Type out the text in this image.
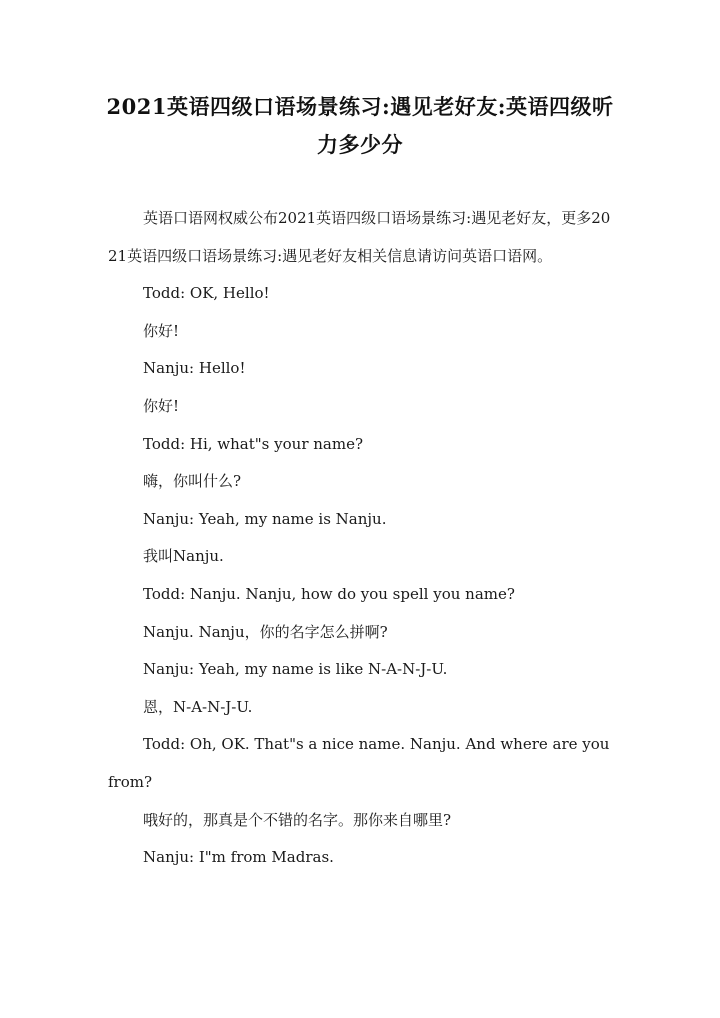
2021英语四级口语场景练习:遇见老好友:英语四级听力多少分

英语口语网权威公布2021英语四级口语场景练习:遇见老好友，更多2021英语四级口语场景练习:遇见老好友相关信息请访问英语口语网。

Todd: OK, Hello!

你好!

Nanju: Hello!

你好!

Todd: Hi, what"s your name?

嗨，你叫什么?

Nanju: Yeah, my name is Nanju.

我叫Nanju.

Todd: Nanju. Nanju, how do you spell you name?

Nanju. Nanju，你的名字怎么拼啊?

Nanju: Yeah, my name is like N-A-N-J-U.

恩，N-A-N-J-U.

Todd: Oh, OK. That"s a nice name. Nanju. And where are you from?

哦好的，那真是个不错的名字。那你来自哪里?

Nanju: I"m from Madras.
